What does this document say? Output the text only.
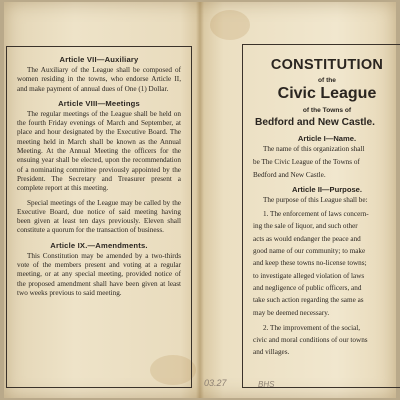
Article VII—Auxiliary

The Auxiliary of the League shall be composed of women residing in the towns, who endorse Article II, and make payment of annual dues of One (1) Dollar.

Article VIII—Meetings

The regular meetings of the League shall be held on the fourth Friday evenings of March and September, at place and hour designated by the Executive Board. The meeting held in March shall be known as the Annual Meeting. At the Annual Meeting the officers for the ensuing year shall be elected, upon the recommendation of a nominating committee previously appointed by the President. The Secretary and Treasurer present a complete report at this meeting.

Special meetings of the League may be called by the Executive Board, due notice of said meeting having been given at least ten days previously. Eleven shall constitute a quorum for the transaction of business.

Article IX.—Amendments.

This Constitution may be amended by a two-thirds vote of the members present and voting at a regular meeting, or at any special meeting, provided notice of the proposed amendment shall have been given at least two weeks previous to said meeting.

CONSTITUTION
of the
Civic League
of the Towns of
Bedford and New Castle.
Article I—Name.
The name of this organization shall
be The Civic League of the Towns of
Bedford and New Castle.
Article II—Purpose.
The purpose of this League shall be:
1. The enforcement of laws concern-
ing the sale of liquor, and such other
acts as would endanger the peace and
good name of our community; to make
and keep these towns no-license towns;
to investigate alleged violation of laws
and negligence of public officers, and
take such action regarding the same as
may be deemed necessary.
2. The improvement of the social,
civic and moral conditions of our towns
and villages.
03.27	BHS
